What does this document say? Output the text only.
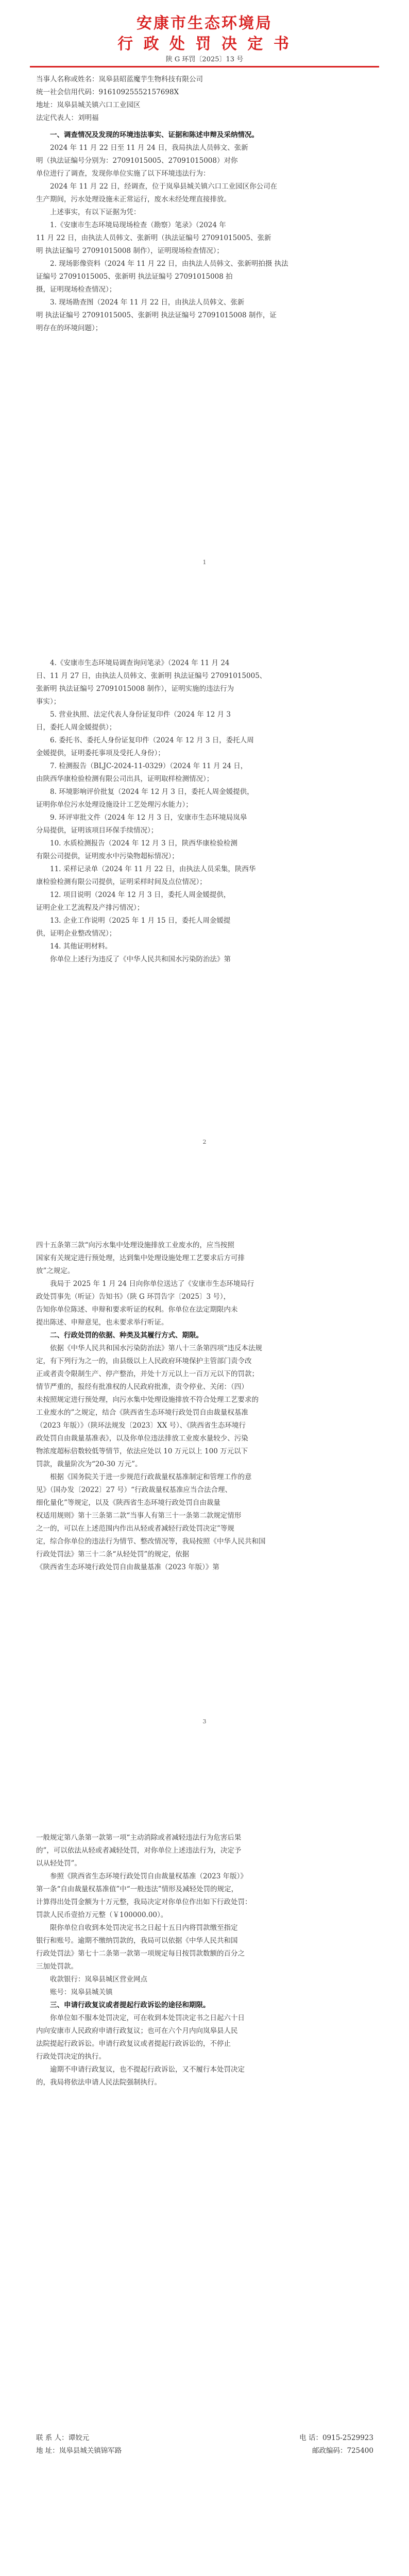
安康市生态环境局
行 政 处 罚 决 定 书
陕 G 环罚〔2025〕13 号
当事人名称或姓名：岚皋县昭蓝魔芋生物科技有限公司
统一社会信用代码：91610925552157698X
地址：岚皋县城关镇六口工业园区
法定代表人：刘明福
一、调查情况及发现的环境违法事实、证据和陈述申辩及采纳情况。
2024 年 11 月 22 日至 11 月 24 日，我局执法人员韩文、张新
明（执法证编号分别为：27091015005、27091015008）对你
单位进行了调查，发现你单位实施了以下环境违法行为：
2024 年 11 月 22 日，经调查，位于岚皋县城关镇六口工业园区你公司在
生产期间，污水处理设施未正常运行，废水未经处理直接排放。
上述事实，有以下证据为凭：
1.《安康市生态环境局现场检查（勘察）笔录》（2024 年
11 月 22 日，由执法人员韩文、张新明（执法证编号 27091015005、张新
明 执法证编号 27091015008 制作），证明现场检查情况）；
2. 现场影像资料（2024 年 11 月 22 日，由执法人员韩文、张新明拍摄 执法
证编号 27091015005、张新明 执法证编号 27091015008 拍
摄，证明现场检查情况）；
3. 现场勘查图（2024 年 11 月 22 日，由执法人员韩文、张新
明 执法证编号 27091015005、张新明 执法证编号 27091015008 制作，证
明存在的环境问题）；
1
4.《安康市生态环境局调查询问笔录》（2024 年 11 月 24
日、11 月 27 日，由执法人员韩文、张新明 执法证编号 27091015005、
张新明 执法证编号 27091015008 制作），证明实施的违法行为
事实）；
5. 营业执照、法定代表人身份证复印件（2024 年 12 月 3
日，委托人周金媛提供）；
6. 委托书、委托人身份证复印件（2024 年 12 月 3 日，委托人周
金媛提供，证明委托事项及受托人身份）；
7. 检测报告（BLJC-2024-11-0329）（2024 年 11 月 24 日，
由陕西华康检验检测有限公司出具，证明取样检测情况）；
8. 环境影响评价批复（2024 年 12 月 3 日，委托人周金媛提供，
证明你单位污水处理设施设计工艺处理污水能力）；
9. 环评审批文件（2024 年 12 月 3 日，安康市生态环境局岚皋
分局提供，证明该项目环保手续情况）；
10. 水质检测报告（2024 年 12 月 3 日，陕西华康检验检测
有限公司提供，证明废水中污染物超标情况）；
11. 采样记录单（2024 年 11 月 22 日，由执法人员采集，陕西华
康检验检测有限公司提供，证明采样时间及点位情况）；
12. 项目说明（2024 年 12 月 3 日，委托人周金媛提供，
证明企业工艺流程及产排污情况）；
13. 企业工作说明（2025 年 1 月 15 日，委托人周金媛提
供，证明企业整改情况）；
14. 其他证明材料。
你单位上述行为违反了《中华人民共和国水污染防治法》第
2
四十五条第三款“向污水集中处理设施排放工业废水的，应当按照
国家有关规定进行预处理，达到集中处理设施处理工艺要求后方可排
放”之规定。
我局于 2025 年 1 月 24 日向你单位送达了《安康市生态环境局行
政处罚事先（听证）告知书》（陕 G 环罚告字〔2025〕3 号），
告知你单位陈述、申辩和要求听证的权利。你单位在法定期限内未
提出陈述、申辩意见，也未要求举行听证。
二、行政处罚的依据、种类及其履行方式、期限。
依据《中华人民共和国水污染防治法》第八十三条第四项“违反本法规
定，有下列行为之一的，由县级以上人民政府环境保护主管部门责令改
正或者责令限制生产、停产整治，并处十万元以上一百万元以下的罚款；
情节严重的，报经有批准权的人民政府批准，责令停业、关闭：（四）
未按照规定进行预处理，向污水集中处理设施排放不符合处理工艺要求的
工业废水的”之规定，结合《陕西省生态环境行政处罚自由裁量权基准
（2023 年版）》（陕环法规发〔2023〕XX 号）、《陕西省生态环境行
政处罚自由裁量基准表》，以及你单位违法排放工业废水量较少、污染
物浓度超标倍数较低等情节，依法应处以 10 万元以上 100 万元以下
罚款，裁量阶次为“20-30 万元”。
根据《国务院关于进一步规范行政裁量权基准制定和管理工作的意
见》（国办发〔2022〕27 号）“行政裁量权基准应当合法合理、
细化量化”等规定，以及《陕西省生态环境行政处罚自由裁量
权适用规则》第十三条第二款“当事人有第三十一条第二款规定情形
之一的，可以在上述范围内作出从轻或者减轻行政处罚决定”等规
定，综合你单位的违法行为情节、整改情况等，我局按照《中华人民共和国
行政处罚法》第三十二条“从轻处罚”的规定，依据
《陕西省生态环境行政处罚自由裁量基准（2023 年版）》第
3
一般规定第八条第一款第一项“主动消除或者减轻违法行为危害后果
的”，可以依法从轻或者减轻处罚，对你单位上述违法行为，决定予
以从轻处罚”。
参照《陕西省生态环境行政处罚自由裁量权基准（2023 年版）》
第一条“自由裁量权基准值”中“一般违法”情形及减轻处罚的规定，
计算得出处罚金额为十万元整，我局决定对你单位作出如下行政处罚：
罚款人民币壹拾万元整（￥100000.00）。
限你单位自收到本处罚决定书之日起十五日内将罚款缴至指定
银行和账号。逾期不缴纳罚款的，我局可以依据《中华人民共和国
行政处罚法》第七十二条第一款第一项规定每日按罚款数额的百分之
三加处罚款。
收款银行：岚皋县城区营业网点
账号：岚皋县城关镇
三、申请行政复议或者提起行政诉讼的途径和期限。
你单位如不服本处罚决定，可在收到本处罚决定书之日起六十日
内向安康市人民政府申请行政复议；也可在六个月内向岚皋县人民
法院提起行政诉讼。申请行政复议或者提起行政诉讼的，不停止
行政处罚决定的执行。
逾期不申请行政复议，也不提起行政诉讼，又不履行本处罚决定
的，我局将依法申请人民法院强制执行。
联 系 人：谭姣元	电 话：0915-2529923
地 址：岚皋县城关镇锦军路	邮政编码：725400
